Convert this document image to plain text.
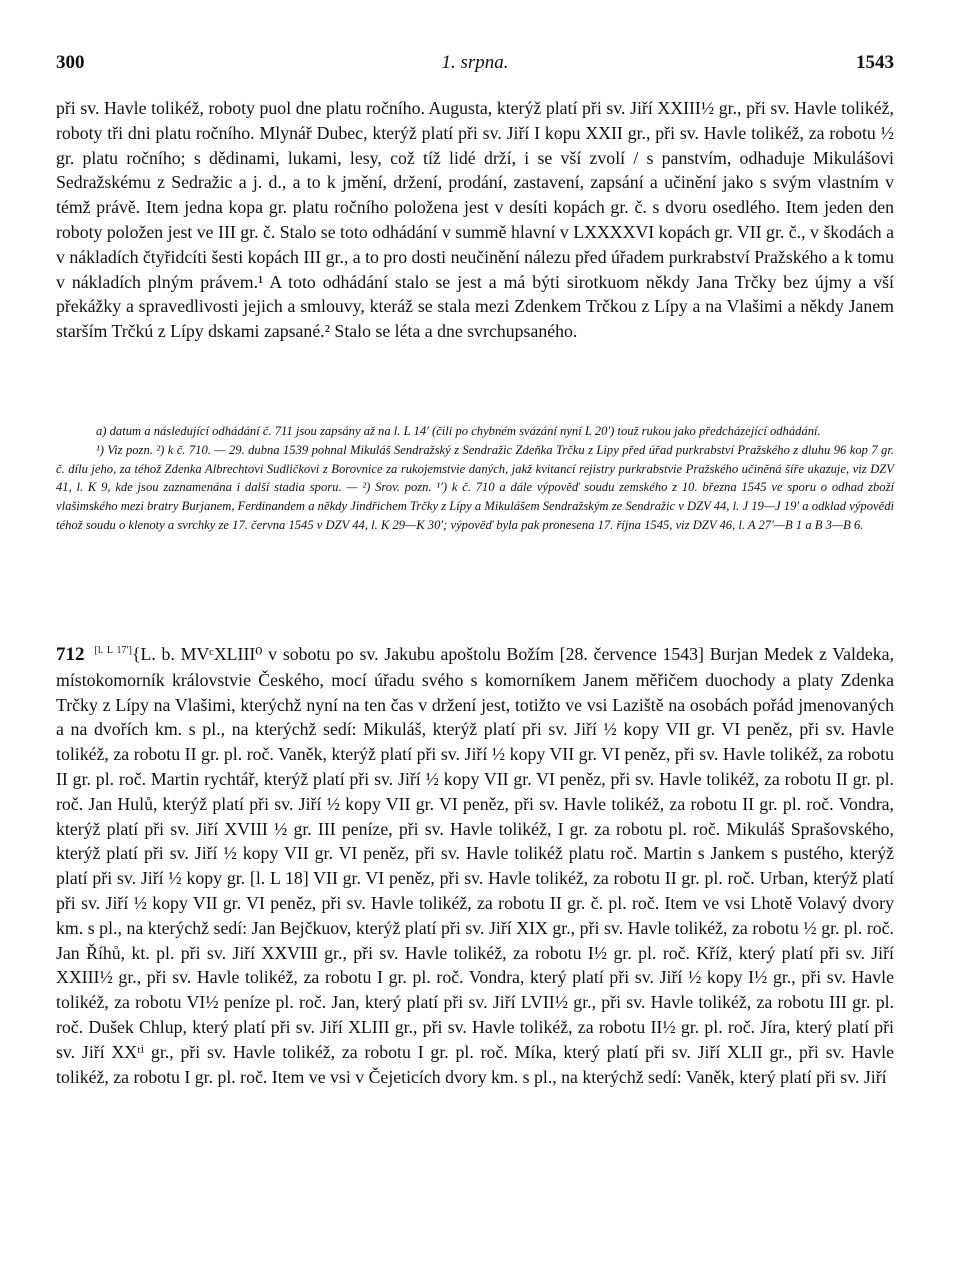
300	1. srpna.	1543

při sv. Havle tolikéž, roboty puol dne platu ročního. Augusta, kterýž platí při sv. Jiří XXIII½ gr., při sv. Havle tolikéž, roboty tři dni platu ročního. Mlynář Dubec, kterýž platí při sv. Jiří I kopu XXII gr., při sv. Havle tolikéž, za robotu ½ gr. platu ročního; s dědinami, lukami, lesy, což tíž lidé drží, i se vší zvolí / s panstvím, odhaduje Mikulášovi Sedražskému z Sedražic a j. d., a to k jmění, držení, prodání, zastavení, zapsání a učinění jako s svým vlastním v témž právě. Item jedna kopa gr. platu ročního položena jest v desíti kopách gr. č. s dvoru osedlého. Item jeden den roboty položen jest ve III gr. č. Stalo se toto odhádání v summě hlavní v LXXXXVI kopách gr. VII gr. č., v škodách a v nákladích čtyřidcíti šesti kopách III gr., a to pro dosti neučinění nálezu před úřadem purkrabství Pražského a k tomu v nákladích plným právem.¹ A toto odhádání stalo se jest a má býti sirotkuom někdy Jana Trčky bez újmy a vší překážky a spravedlivosti jejich a smlouvy, kteráž se stala mezi Zdenkem Trčkou z Lípy a na Vlašimi a někdy Janem starším Trčkú z Lípy dskami zapsané.² Stalo se léta a dne svrchupsaného.

a) datum a následující odhádání č. 711 jsou zapsány až na l. L 14′ (čili po chybném svázání nyní L 20′) touž rukou jako předcházející odhádání.

¹) Viz pozn. ²) k č. 710. — 29. dubna 1539 pohnal Mikuláš Sendražský z Sendražic Zdeňka Trčku z Lipy před úřad purkrabství Pražského z dluhu 96 kop 7 gr. č. dílu jeho, za téhož Zdenka Albrechtovi Sudličkovi z Borovnice za rukojemstvie daných, jakž kvitancí rejistry purkrabstvie Pražského učiněná šíře ukazuje, viz DZV 41, l. K 9, kde jsou zaznamenána i další stadia sporu. — ²) Srov. pozn. ¹′) k č. 710 a dále výpověď soudu zemského z 10. března 1545 ve sporu o odhad zboží vlašimského mezi bratry Burjanem, Ferdinandem a někdy Jindřichem Trčky z Lípy a Mikulášem Sendražským ze Sendražic v DZV 44, l. J 19—J 19′ a odklad výpovědi téhož soudu o klenoty a svrchky ze 17. června 1545 v DZV 44, l. K 29—K 30′; výpověď byla pak pronesena 17. října 1545, viz DZV 46, l. A 27′—B 1 a B 3—B 6.

712 [l. L 17′]{L. b. MVᶜXLIII⁰ v sobotu po sv. Jakubu apoštolu Božím [28. července 1543] Burjan Medek z Valdeka, místokomorník královstvie Českého, mocí úřadu svého s komorníkem Janem měřičem duochody a platy Zdenka Trčky z Lípy na Vlašimi, kterýchž nyní na ten čas v držení jest, totižto ve vsi Laziště na osobách pořád jmenovaných a na dvořích km. s pl., na kterýchž sedí: Mikuláš, kterýž platí při sv. Jiří ½ kopy VII gr. VI peněz, při sv. Havle tolikéž, za robotu II gr. pl. roč. Vaněk, kterýž platí při sv. Jiří ½ kopy VII gr. VI peněz, při sv. Havle tolikéž, za robotu II gr. pl. roč. Martin rychtář, kterýž platí při sv. Jiří ½ kopy VII gr. VI peněz, při sv. Havle tolikéž, za robotu II gr. pl. roč. Jan Hulů, kterýž platí při sv. Jiří ½ kopy VII gr. VI peněz, při sv. Havle tolikéž, za robotu II gr. pl. roč. Vondra, kterýž platí při sv. Jiří XVIII ½ gr. III peníze, při sv. Havle tolikéž, I gr. za robotu pl. roč. Mikuláš Sprašovského, kterýž platí při sv. Jiří ½ kopy VII gr. VI peněz, při sv. Havle tolikéž platu roč. Martin s Jankem s pustého, kterýž platí při sv. Jiří ½ kopy gr. [l. L 18] VII gr. VI peněz, při sv. Havle tolikéž, za robotu II gr. pl. roč. Urban, kterýž platí při sv. Jiří ½ kopy VII gr. VI peněz, při sv. Havle tolikéž, za robotu II gr. č. pl. roč. Item ve vsi Lhotě Volavý dvory km. s pl., na kterýchž sedí: Jan Bejčkuov, kterýž platí při sv. Jiří XIX gr., při sv. Havle tolikéž, za robotu ½ gr. pl. roč. Jan Říhů, kt. pl. při sv. Jiří XXVIII gr., při sv. Havle tolikéž, za robotu I½ gr. pl. roč. Kříž, který platí při sv. Jiří XXIII½ gr., při sv. Havle tolikéž, za robotu I gr. pl. roč. Vondra, který platí při sv. Jiří ½ kopy I½ gr., při sv. Havle tolikéž, za robotu VI½ peníze pl. roč. Jan, který platí při sv. Jiří LVII½ gr., při sv. Havle tolikéž, za robotu III gr. pl. roč. Dušek Chlup, který platí při sv. Jiří XLIII gr., při sv. Havle tolikéž, za robotu II½ gr. pl. roč. Jíra, který platí při sv. Jiří XXᵗⁱ gr., při sv. Havle tolikéž, za robotu I gr. pl. roč. Míka, který platí při sv. Jiří XLII gr., při sv. Havle tolikéž, za robotu I gr. pl. roč. Item ve vsi v Čejeticích dvory km. s pl., na kterýchž sedí: Vaněk, který platí při sv. Jiří
